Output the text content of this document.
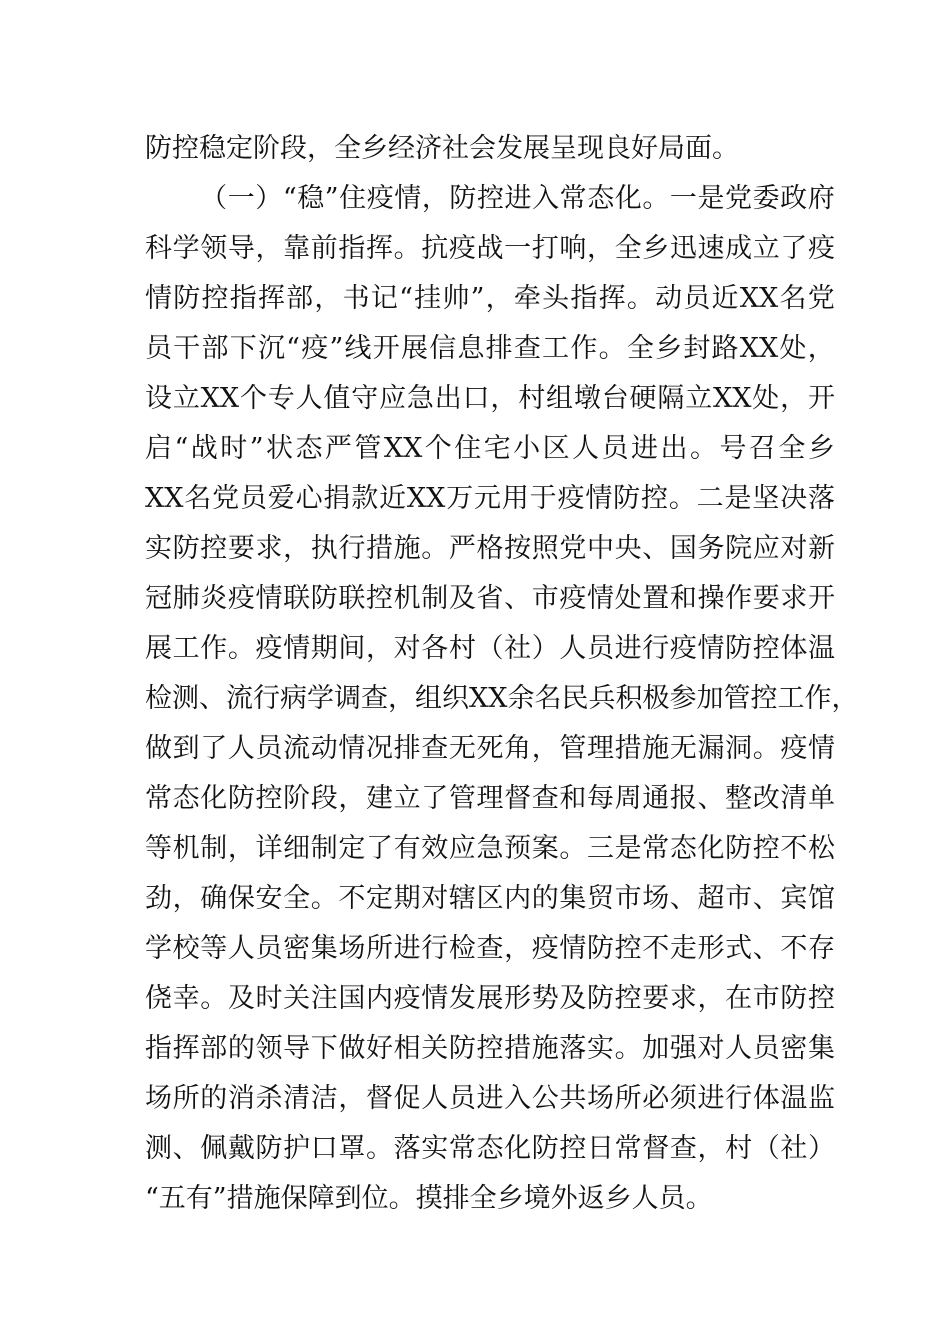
防控稳定阶段，全乡经济社会发展呈现良好局面。

（ 一 ） “ 稳 ” 住 疫 情 ， 防 控 进 入 常 态 化 。 一 是 党 委 政 府
科 学 领 导 ， 靠 前 指 挥 。 抗 疫 战 一 打 响 ， 全 乡 迅 速 成 立 了 疫
情 防 控 指 挥 部 ， 书 记 “ 挂 帅 ” ， 牵 头 指 挥 。 动 员 近 XX 名 党
员 干 部 下 沉 “ 疫 ” 线 开 展 信 息 排 查 工 作 。 全 乡 封 路 XX 处 ，
设 立 XX 个 专 人 值 守 应 急 出 口 ， 村 组 墩 台 硬 隔 立 XX 处 ， 开
启 “ 战 时 ” 状 态 严 管 XX 个 住 宅 小 区 人 员 进 出 。 号 召 全 乡
XX 名 党 员 爱 心 捐 款 近 XX 万 元 用 于 疫 情 防 控 。 二 是 坚 决 落
实 防 控 要 求 ， 执 行 措 施 。 严 格 按 照 党 中 央 、 国 务 院 应 对 新
冠 肺 炎 疫 情 联 防 联 控 机 制 及 省 、 市 疫 情 处 置 和 操 作 要 求 开
展 工 作 。 疫 情 期 间 ， 对 各 村 （ 社 ） 人 员 进 行 疫 情 防 控 体 温
检 测 、 流 行 病 学 调 查 ， 组 织 XX 余 名 民 兵 积 极 参 加 管 控 工 作 ，
做 到 了 人 员 流 动 情 况 排 查 无 死 角 ， 管 理 措 施 无 漏 洞 。 疫 情
常 态 化 防 控 阶 段 ， 建 立 了 管 理 督 查 和 每 周 通 报 、 整 改 清 单
等 机 制 ， 详 细 制 定 了 有 效 应 急 预 案 。 三 是 常 态 化 防 控 不 松
劲 ， 确 保 安 全 。 不 定 期 对 辖 区 内 的 集 贸 市 场 、 超 市 、 宾 馆
学 校 等 人 员 密 集 场 所 进 行 检 查 ， 疫 情 防 控 不 走 形 式 、 不 存
侥 幸 。 及 时 关 注 国 内 疫 情 发 展 形 势 及 防 控 要 求 ， 在 市 防 控
指 挥 部 的 领 导 下 做 好 相 关 防 控 措 施 落 实 。 加 强 对 人 员 密 集
场 所 的 消 杀 清 洁 ， 督 促 人 员 进 入 公 共 场 所 必 须 进 行 体 温 监
测 、 佩 戴 防 护 口 罩 。 落 实 常 态 化 防 控 日 常 督 查 ， 村 （ 社 ）
“五有”措施保障到位。摸排全乡境外返乡人员。
